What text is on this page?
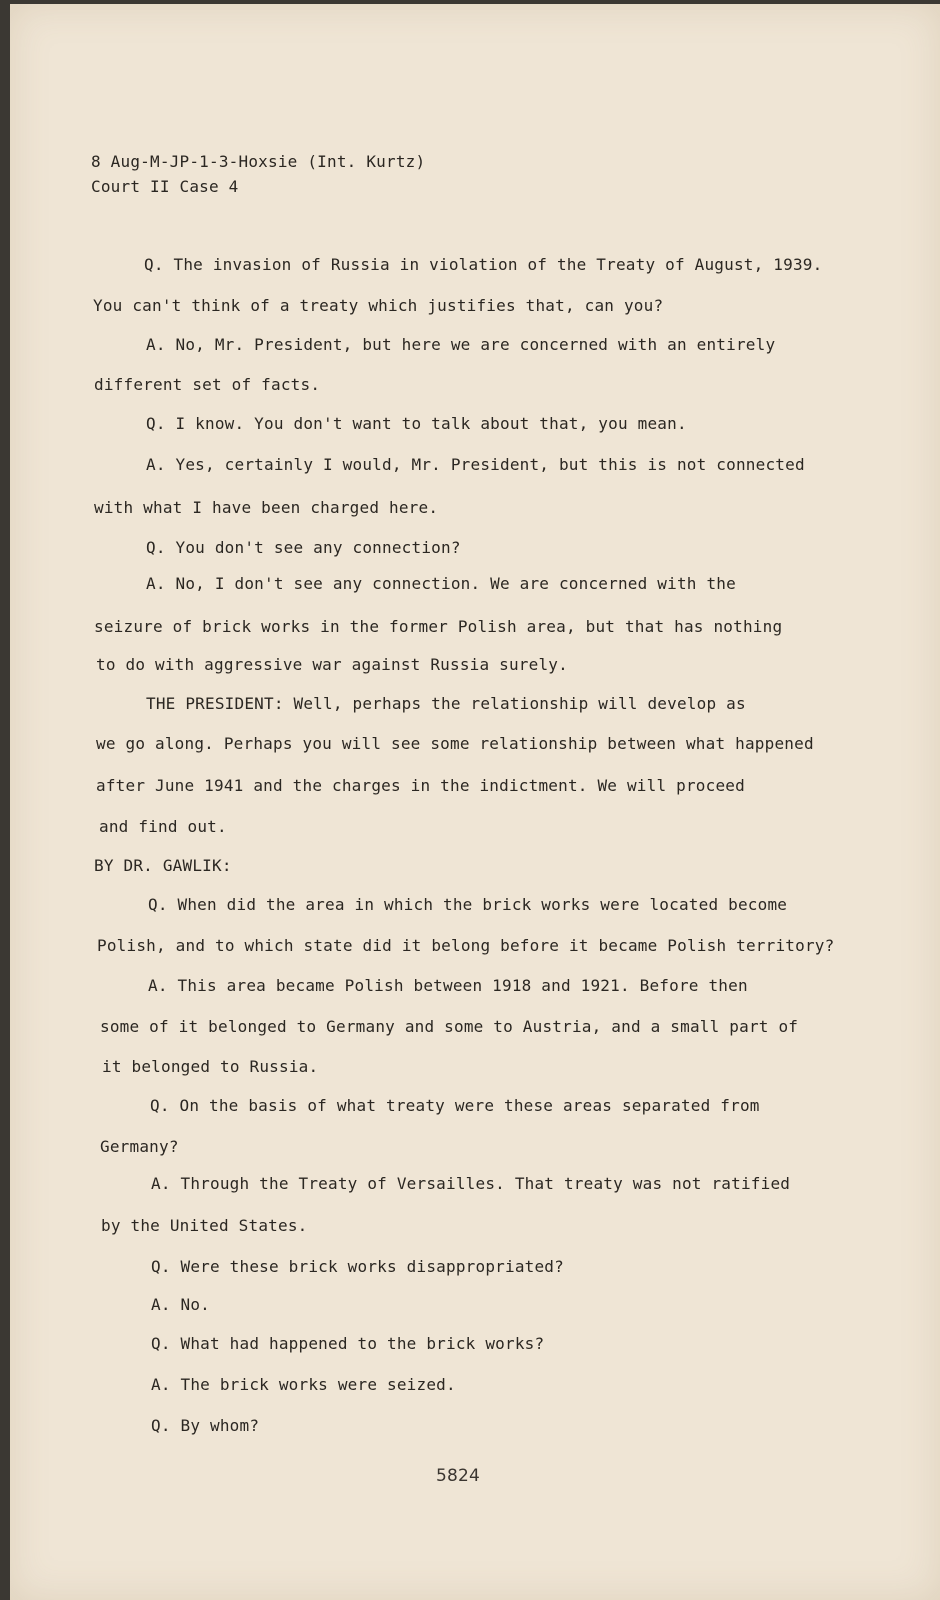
8 Aug-M-JP-1-3-Hoxsie (Int. Kurtz)
Court II Case 4
Q. The invasion of Russia in violation of the Treaty of August, 1939.
You can't think of a treaty which justifies that, can you?
A. No, Mr. President, but here we are concerned with an entirely
different set of facts.
Q. I know. You don't want to talk about that, you mean.
A. Yes, certainly I would, Mr. President, but this is not connected
with what I have been charged here.
Q. You don't see any connection?
A. No, I don't see any connection. We are concerned with the
seizure of brick works in the former Polish area, but that has nothing
to do with aggressive war against Russia surely.
THE PRESIDENT: Well, perhaps the relationship will develop as
we go along. Perhaps you will see some relationship between what happened
after June 1941 and the charges in the indictment. We will proceed
and find out.
BY DR. GAWLIK:
Q. When did the area in which the brick works were located become
Polish, and to which state did it belong before it became Polish territory?
A. This area became Polish between 1918 and 1921. Before then
some of it belonged to Germany and some to Austria, and a small part of
it belonged to Russia.
Q. On the basis of what treaty were these areas separated from
Germany?
A. Through the Treaty of Versailles. That treaty was not ratified
by the United States.
Q. Were these brick works disappropriated?
A. No.
Q. What had happened to the brick works?
A. The brick works were seized.
Q. By whom?
5824
